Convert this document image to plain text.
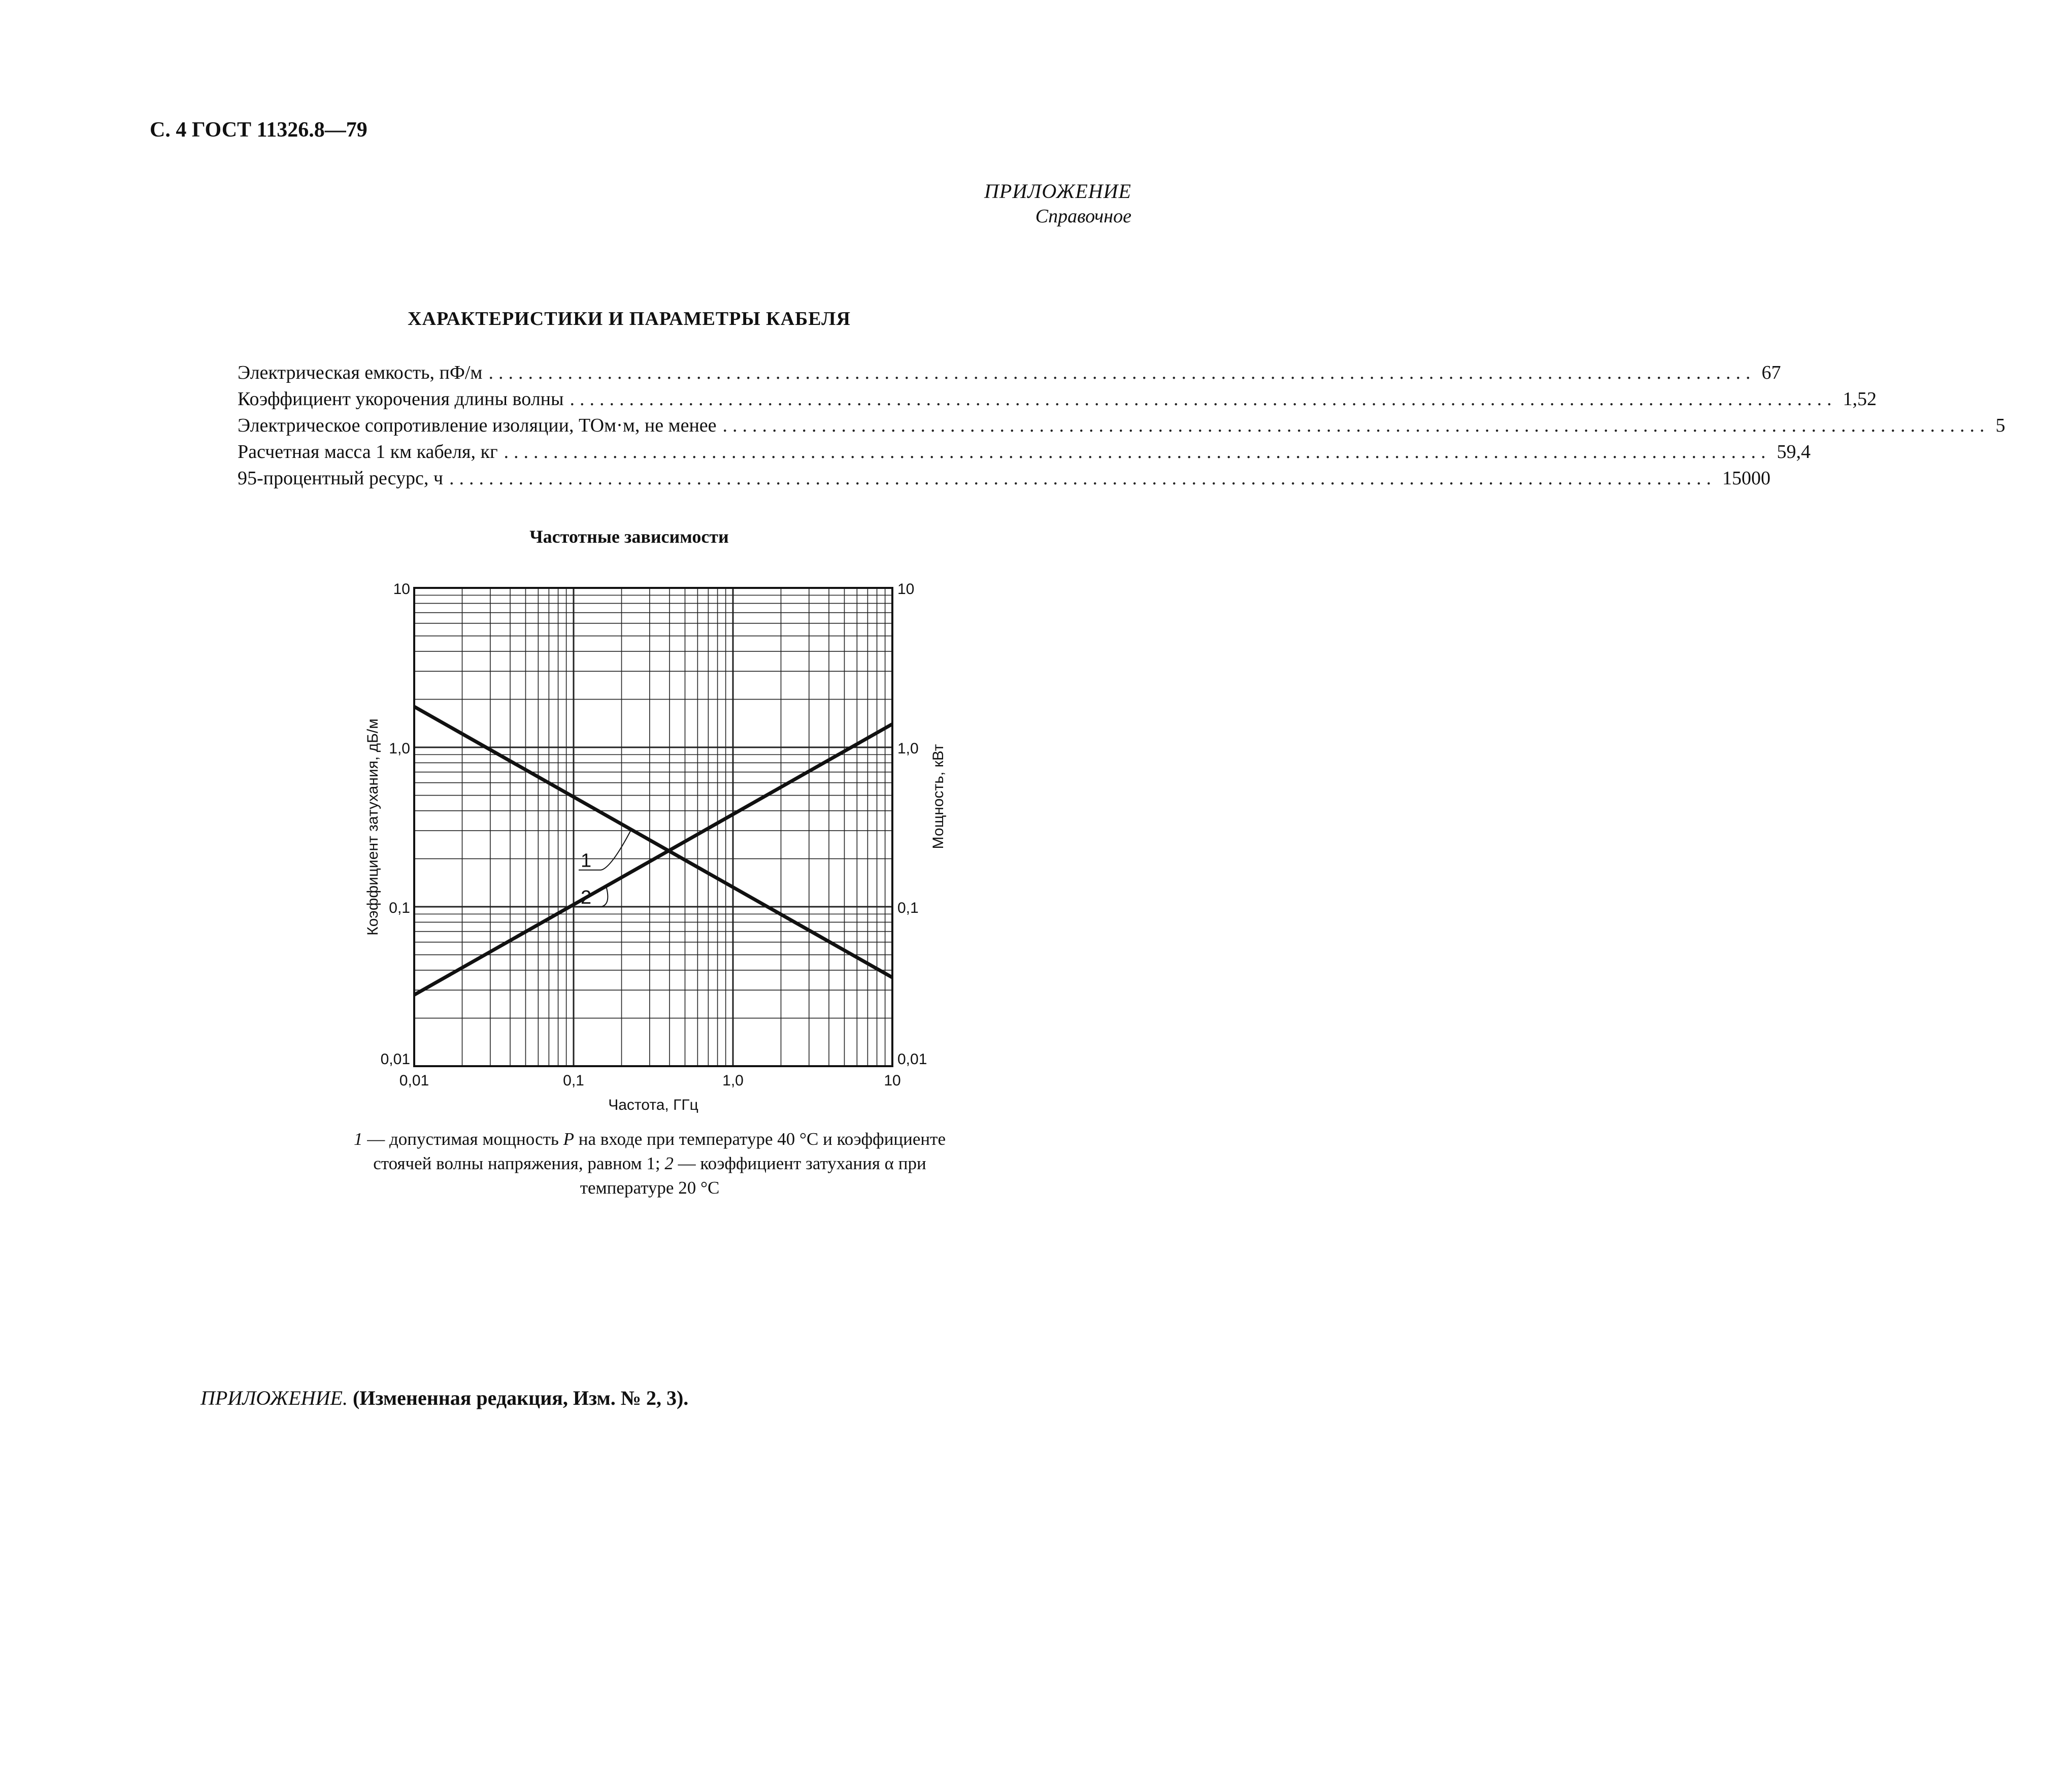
С. 4 ГОСТ 11326.8—79
ПРИЛОЖЕНИЕ
Справочное
ХАРАКТЕРИСТИКИ И ПАРАМЕТРЫ КАБЕЛЯ
Электрическая емкость, пФ/м ................................................................................................................................ 67
Коэффициент укорочения длины волны ................................................................................................................................ 1,52
Электрическое сопротивление изоляции, ТОм·м, не менее ................................................................................................................................ 5
Расчетная масса 1 км кабеля, кг ................................................................................................................................ 59,4
95-процентный ресурс, ч ................................................................................................................................ 15000
Частотные зависимости
1
2
0,01	0,1	1,0	10
0,01
0,1
1,0
10
0,01
0,1
1,0
10
Частота, ГГц
Коэффициент затухания, дБ/м	Мощность, кВт
1 — допустимая мощность P на входе при температуре 40 °С и коэффициенте стоячей волны напряжения, равном 1; 2 — коэффициент затухания α при температуре 20 °С
ПРИЛОЖЕНИЕ. (Измененная редакция, Изм. № 2, 3).
